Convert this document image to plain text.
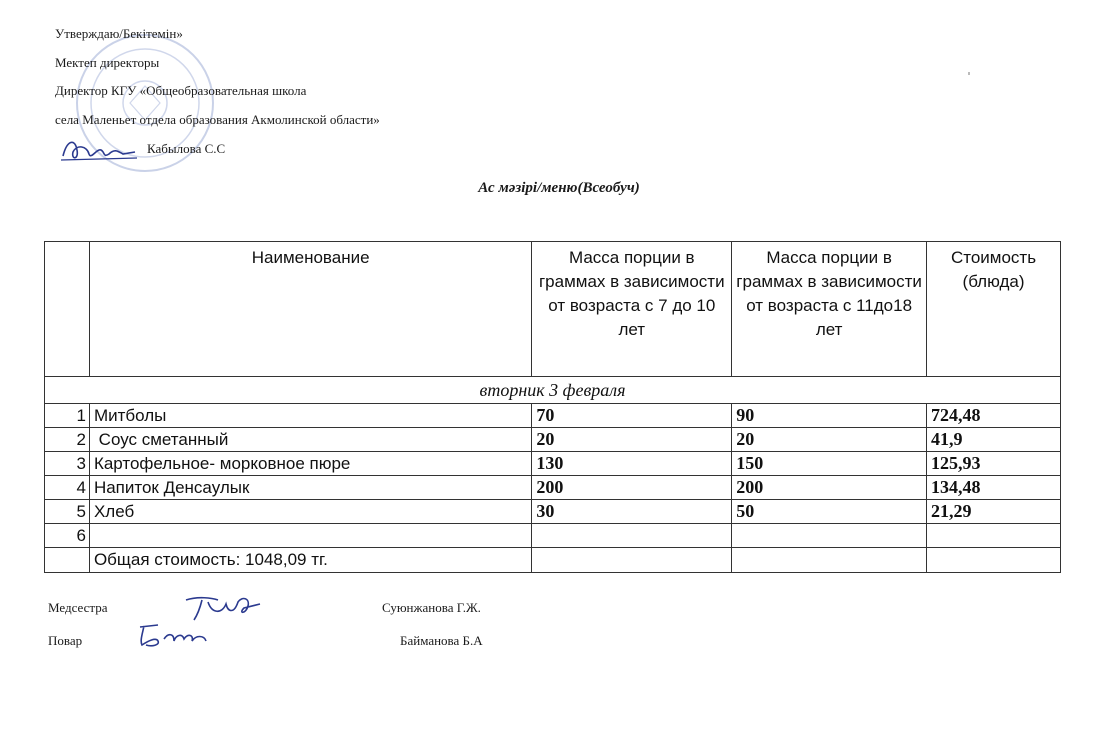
Утверждаю/Бекітемін»
Мектеп директоры
Директор КГУ «Общеобразовательная школа
села Маленьет отдела образования Акмолинской области»
Кабылова С.С
Ас мәзірі/меню(Всеобуч)
	Наименование	Масса порции в граммах в зависимости от возраста с 7 до 10 лет	Масса порции в граммах в зависимости от возраста с 11до18 лет	Стоимость (блюда)
вторник 3 февраля				
1	Митболы	70	90	724,48
2	Соус сметанный	20	20	41,9
3	Картофельное- морковное пюре	130	150	125,93
4	Напиток Денсаулык	200	200	134,48
5	Хлеб	30	50	21,29
6				
	Общая стоимость: 1048,09 тг.			
Медсестра	Суюнжанова Г.Ж.
Повар	Байманова Б.А
